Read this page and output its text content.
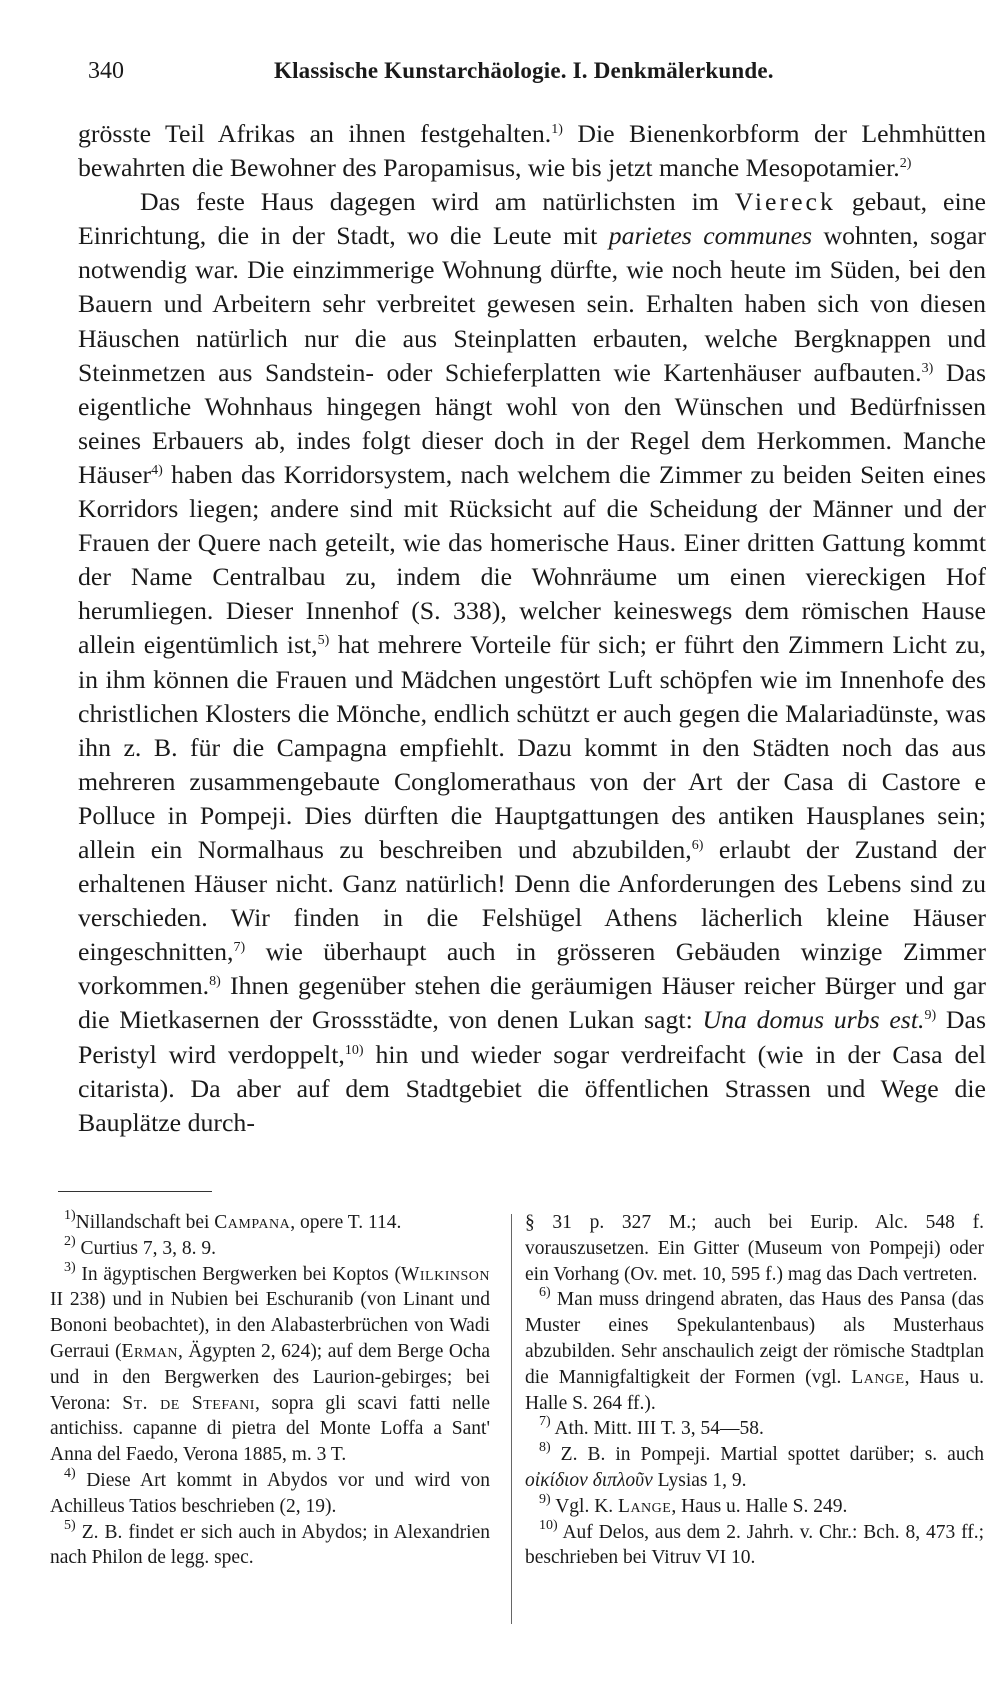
340	Klassische Kunstarchäologie. I. Denkmälerkunde.

grösste Teil Afrikas an ihnen festgehalten.$^{1)}$ Die Bienenkorbform der Lehmhütten bewahrten die Bewohner des Paropamisus, wie bis jetzt manche Mesopotamier.$^{2)}$

Das feste Haus dagegen wird am natürlichsten im Viereck gebaut, eine Einrichtung, die in der Stadt, wo die Leute mit parietes communes wohnten, sogar notwendig war. Die einzimmerige Wohnung dürfte, wie noch heute im Süden, bei den Bauern und Arbeitern sehr verbreitet gewesen sein. Erhalten haben sich von diesen Häuschen natürlich nur die aus Steinplatten erbauten, welche Bergknappen und Steinmetzen aus Sandstein- oder Schieferplatten wie Kartenhäuser aufbauten.$^{3)}$ Das eigentliche Wohnhaus hingegen hängt wohl von den Wünschen und Bedürfnissen seines Erbauers ab, indes folgt dieser doch in der Regel dem Herkommen. Manche Häuser$^{4)}$ haben das Korridorsystem, nach welchem die Zimmer zu beiden Seiten eines Korridors liegen; andere sind mit Rücksicht auf die Scheidung der Männer und der Frauen der Quere nach geteilt, wie das homerische Haus. Einer dritten Gattung kommt der Name Centralbau zu, indem die Wohnräume um einen viereckigen Hof herumliegen. Dieser Innenhof (S. 338), welcher keineswegs dem römischen Hause allein eigentümlich ist,$^{5)}$ hat mehrere Vorteile für sich; er führt den Zimmern Licht zu, in ihm können die Frauen und Mädchen ungestört Luft schöpfen wie im Innenhofe des christlichen Klosters die Mönche, endlich schützt er auch gegen die Malariadünste, was ihn z. B. für die Campagna empfiehlt. Dazu kommt in den Städten noch das aus mehreren zusammengebaute Conglomerathaus von der Art der Casa di Castore e Polluce in Pompeji. Dies dürften die Hauptgattungen des antiken Hausplanes sein; allein ein Normalhaus zu beschreiben und abzubilden,$^{6)}$ erlaubt der Zustand der erhaltenen Häuser nicht. Ganz natürlich! Denn die Anforderungen des Lebens sind zu verschieden. Wir finden in die Felshügel Athens lächerlich kleine Häuser eingeschnitten,$^{7)}$ wie überhaupt auch in grösseren Gebäuden winzige Zimmer vorkommen.$^{8)}$ Ihnen gegenüber stehen die geräumigen Häuser reicher Bürger und gar die Mietkasernen der Grossstädte, von denen Lukan sagt: Una domus urbs est.$^{9)}$ Das Peristyl wird verdoppelt,$^{10)}$ hin und wieder sogar verdreifacht (wie in der Casa del citarista). Da aber auf dem Stadtgebiet die öffentlichen Strassen und Wege die Bauplätze durch-

$^{1)}$Nillandschaft bei Campana, opere T. 114.

$^{2)}$ Curtius 7, 3, 8. 9.

$^{3)}$ In ägyptischen Bergwerken bei Koptos (Wilkinson II 238) und in Nubien bei Eschuranib (von Linant und Bononi beobachtet), in den Alabasterbrüchen von Wadi Gerraui (Erman, Ägypten 2, 624); auf dem Berge Ocha und in den Bergwerken des Laurion-gebirges; bei Verona: St. de Stefani, sopra gli scavi fatti nelle antichiss. capanne di pietra del Monte Loffa a Sant' Anna del Faedo, Verona 1885, m. 3 T.

$^{4)}$ Diese Art kommt in Abydos vor und wird von Achilleus Tatios beschrieben (2, 19).

$^{5)}$ Z. B. findet er sich auch in Abydos; in Alexandrien nach Philon de legg. spec.

§ 31 p. 327 M.; auch bei Eurip. Alc. 548 f. vorauszusetzen. Ein Gitter (Museum von Pompeji) oder ein Vorhang (Ov. met. 10, 595 f.) mag das Dach vertreten.

$^{6)}$ Man muss dringend abraten, das Haus des Pansa (das Muster eines Spekulantenbaus) als Musterhaus abzubilden. Sehr anschaulich zeigt der römische Stadtplan die Mannigfaltigkeit der Formen (vgl. Lange, Haus u. Halle S. 264 ff.).

$^{7)}$ Ath. Mitt. III T. 3, 54—58.

$^{8)}$ Z. B. in Pompeji. Martial spottet darüber; s. auch οἰκίδιον διπλοῦν Lysias 1, 9.

$^{9)}$ Vgl. K. Lange, Haus u. Halle S. 249.

$^{10)}$ Auf Delos, aus dem 2. Jahrh. v. Chr.: Bch. 8, 473 ff.; beschrieben bei Vitruv VI 10.
